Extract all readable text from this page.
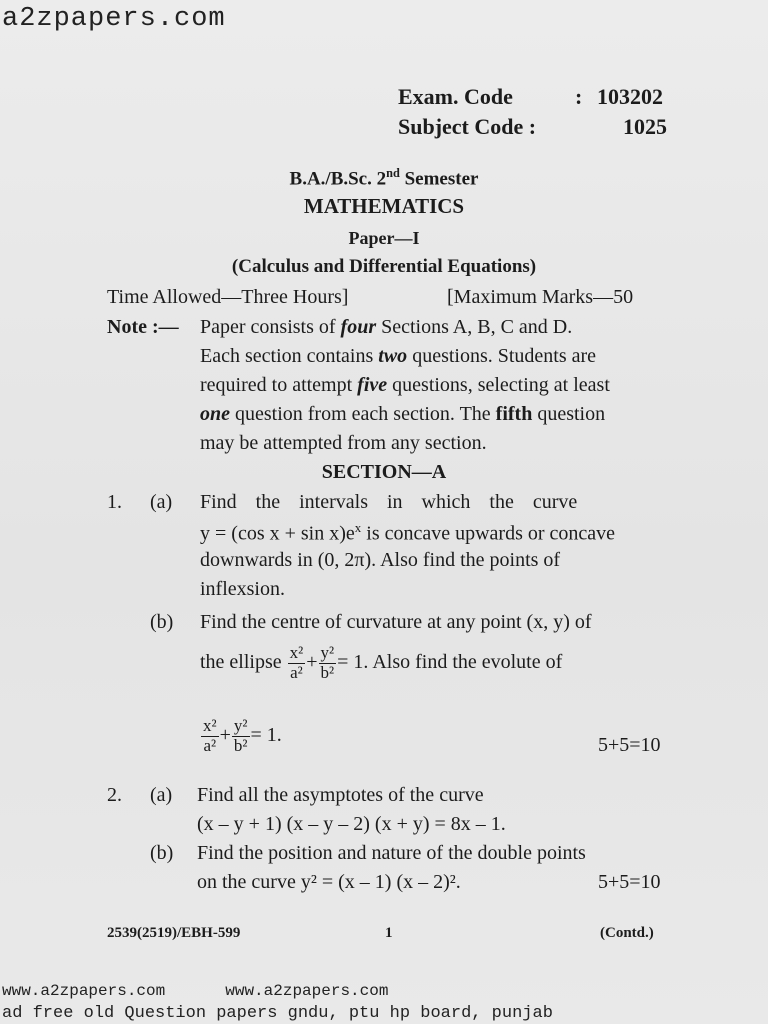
a2zpapers.com
Exam. Code	: 103202
Subject Code :	1025
B.A./B.Sc. 2nd Semester
MATHEMATICS
Paper—I
(Calculus and Differential Equations)
Time Allowed—Three Hours]	[Maximum Marks—50
Note :— Paper consists of four Sections A, B, C and D.
Each section contains two questions. Students are
required to attempt five questions, selecting at least
one question from each section. The fifth question
may be attempted from any section.
SECTION—A
1. (a) Find the intervals in which the curve
y = (cos $x + \sin x)e^x$ is concave upwards or concave
downwards in (0, 2π). Also find the points of
inflexsion.
(b) Find the centre of curvature at any point (x, y) of
the ellipse $\frac{\text{x²}}{\text{a²}} + \frac{\text{y²}}{\text{b²}} = 1$. Also find the evolute of
$\frac{\text{x²}}{\text{a²}} + \frac{\text{y²}}{\text{b²}} = 1$.	5+5=10
2. (a) Find all the asymptotes of the curve
(x – y + 1) (x – y – 2) (x + y) = 8x – 1.
(b) Find the position and nature of the double points
on the curve y² = (x – 1) (x – 2)².	5+5=10
2539(2519)/EBH-599	1	(Contd.)
www.a2zpapers.com	www.a2zpapers.com
ad free old Question papers gndu, ptu hp board, punjab
